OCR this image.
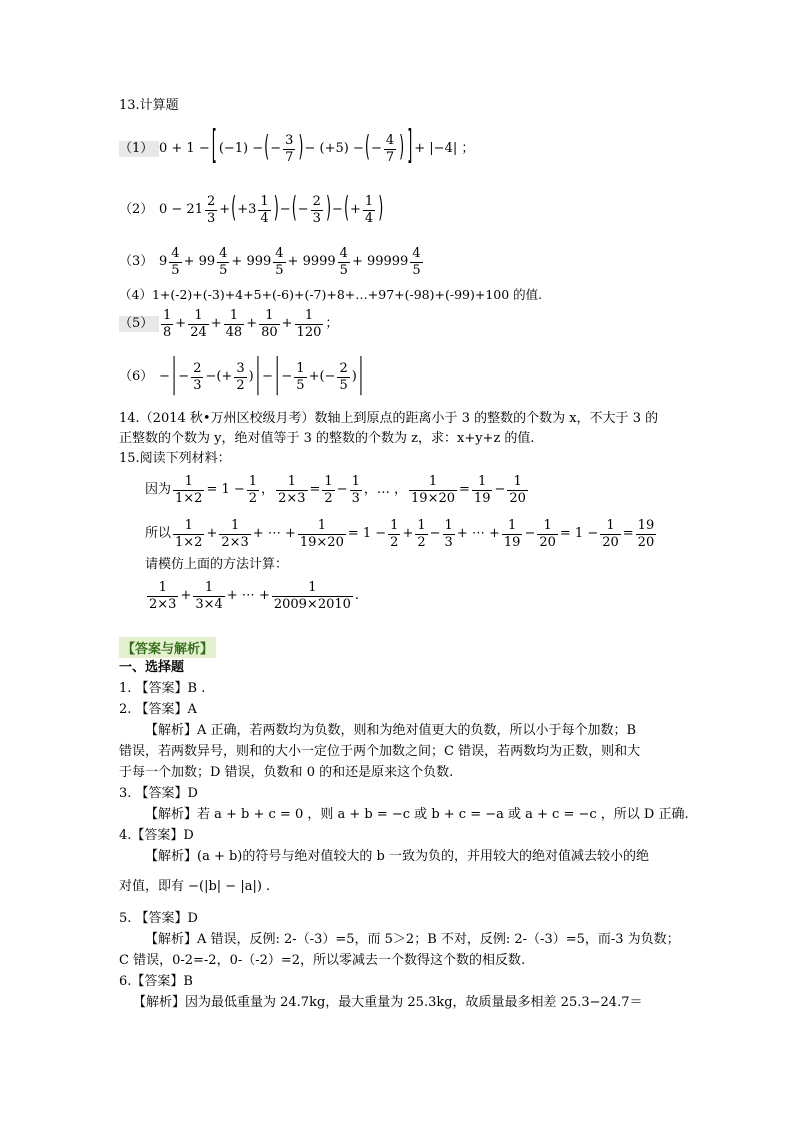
13.计算题
（1） 0 + 1 − [ (−1) − ( − $\frac{3}{7}$ ) − (+5) − ( − $\frac{4}{7}$ ) ] + |−4| ；
（2） $0 - 21 \frac{2}{3}$ + ( $+3 \frac{1}{4}$ ) − ( − $\frac{2}{3}$ ) − ( + $\frac{1}{4}$ )
（3） $9 \frac{4}{5} + 99 \frac{4}{5} + 999 \frac{4}{5} + 9999 \frac{4}{5} + 99999 \frac{4}{5}$
（4）1+(-2)+(-3)+4+5+(-6)+(-7)+8+…+97+(-98)+(-99)+100 的值.
$(5) \frac{1}{8} + \frac{1}{24} + \frac{1}{48} + \frac{1}{80} + \frac{1}{120}$ ；
（6） − | − $\frac{2}{3}$ −(+ $\frac{3}{2}$ ) | − | − $\frac{1}{5}$ +(− $\frac{2}{5}$ ) |
14.（2014 秋•万州区校级月考）数轴上到原点的距离小于 3 的整数的个数为 x，不大于 3 的
正整数的个数为 y，绝对值等于 3 的整数的个数为 z，求：x+y+z 的值.
15.阅读下列材料：
因为 $\frac{1}{1\times 2} = 1 - \frac{1}{2}$ ， $\frac{1}{2\times 3} = \frac{1}{2} - \frac{1}{3}$ ，… ， $\frac{1}{19\times 20} = \frac{1}{19} - \frac{1}{20}$
所以 $\frac{1}{1\times 2} + \frac{1}{2\times 3}$ + ⋯ + $\frac{1}{19\times 20} = 1 - \frac{1}{2} + \frac{1}{2} - \frac{1}{3}$ + ⋯ + $\frac{1}{19} - \frac{1}{20} = 1 - \frac{1}{20} = \frac{19}{20}$
请模仿上面的方法计算：
$\frac{1}{2\times 3} + \frac{1}{3\times 4}$ + ⋯ + $\frac{1}{2009\times 2010}$ .
【答案与解析】
一、选择题
1. 【答案】B .
2. 【答案】A
【解析】A 正确，若两数均为负数，则和为绝对值更大的负数，所以小于每个加数；B
错误，若两数异号，则和的大小一定位于两个加数之间；C 错误，若两数均为正数，则和大
于每一个加数；D 错误，负数和 0 的和还是原来这个负数.
3. 【答案】D
【解析】若 a + b + c = 0 ，则 a + b = −c 或 b + c = −a 或 a + c = −c ，所以 D 正确.
4.【答案】D
【解析】(a + b)的符号与绝对值较大的 b 一致为负的，并用较大的绝对值减去较小的绝
对值，即有 −(|b| − |a|) .
5. 【答案】D
【解析】A 错误，反例: 2-（-3）=5，而 5＞2；B 不对，反例: 2-（-3）=5，而-3 为负数；
C 错误，0-2=-2，0-（-2）=2，所以零减去一个数得这个数的相反数.
6.【答案】B
【解析】因为最低重量为 24.7kg，最大重量为 25.3kg，故质量最多相差 25.3−24.7＝
